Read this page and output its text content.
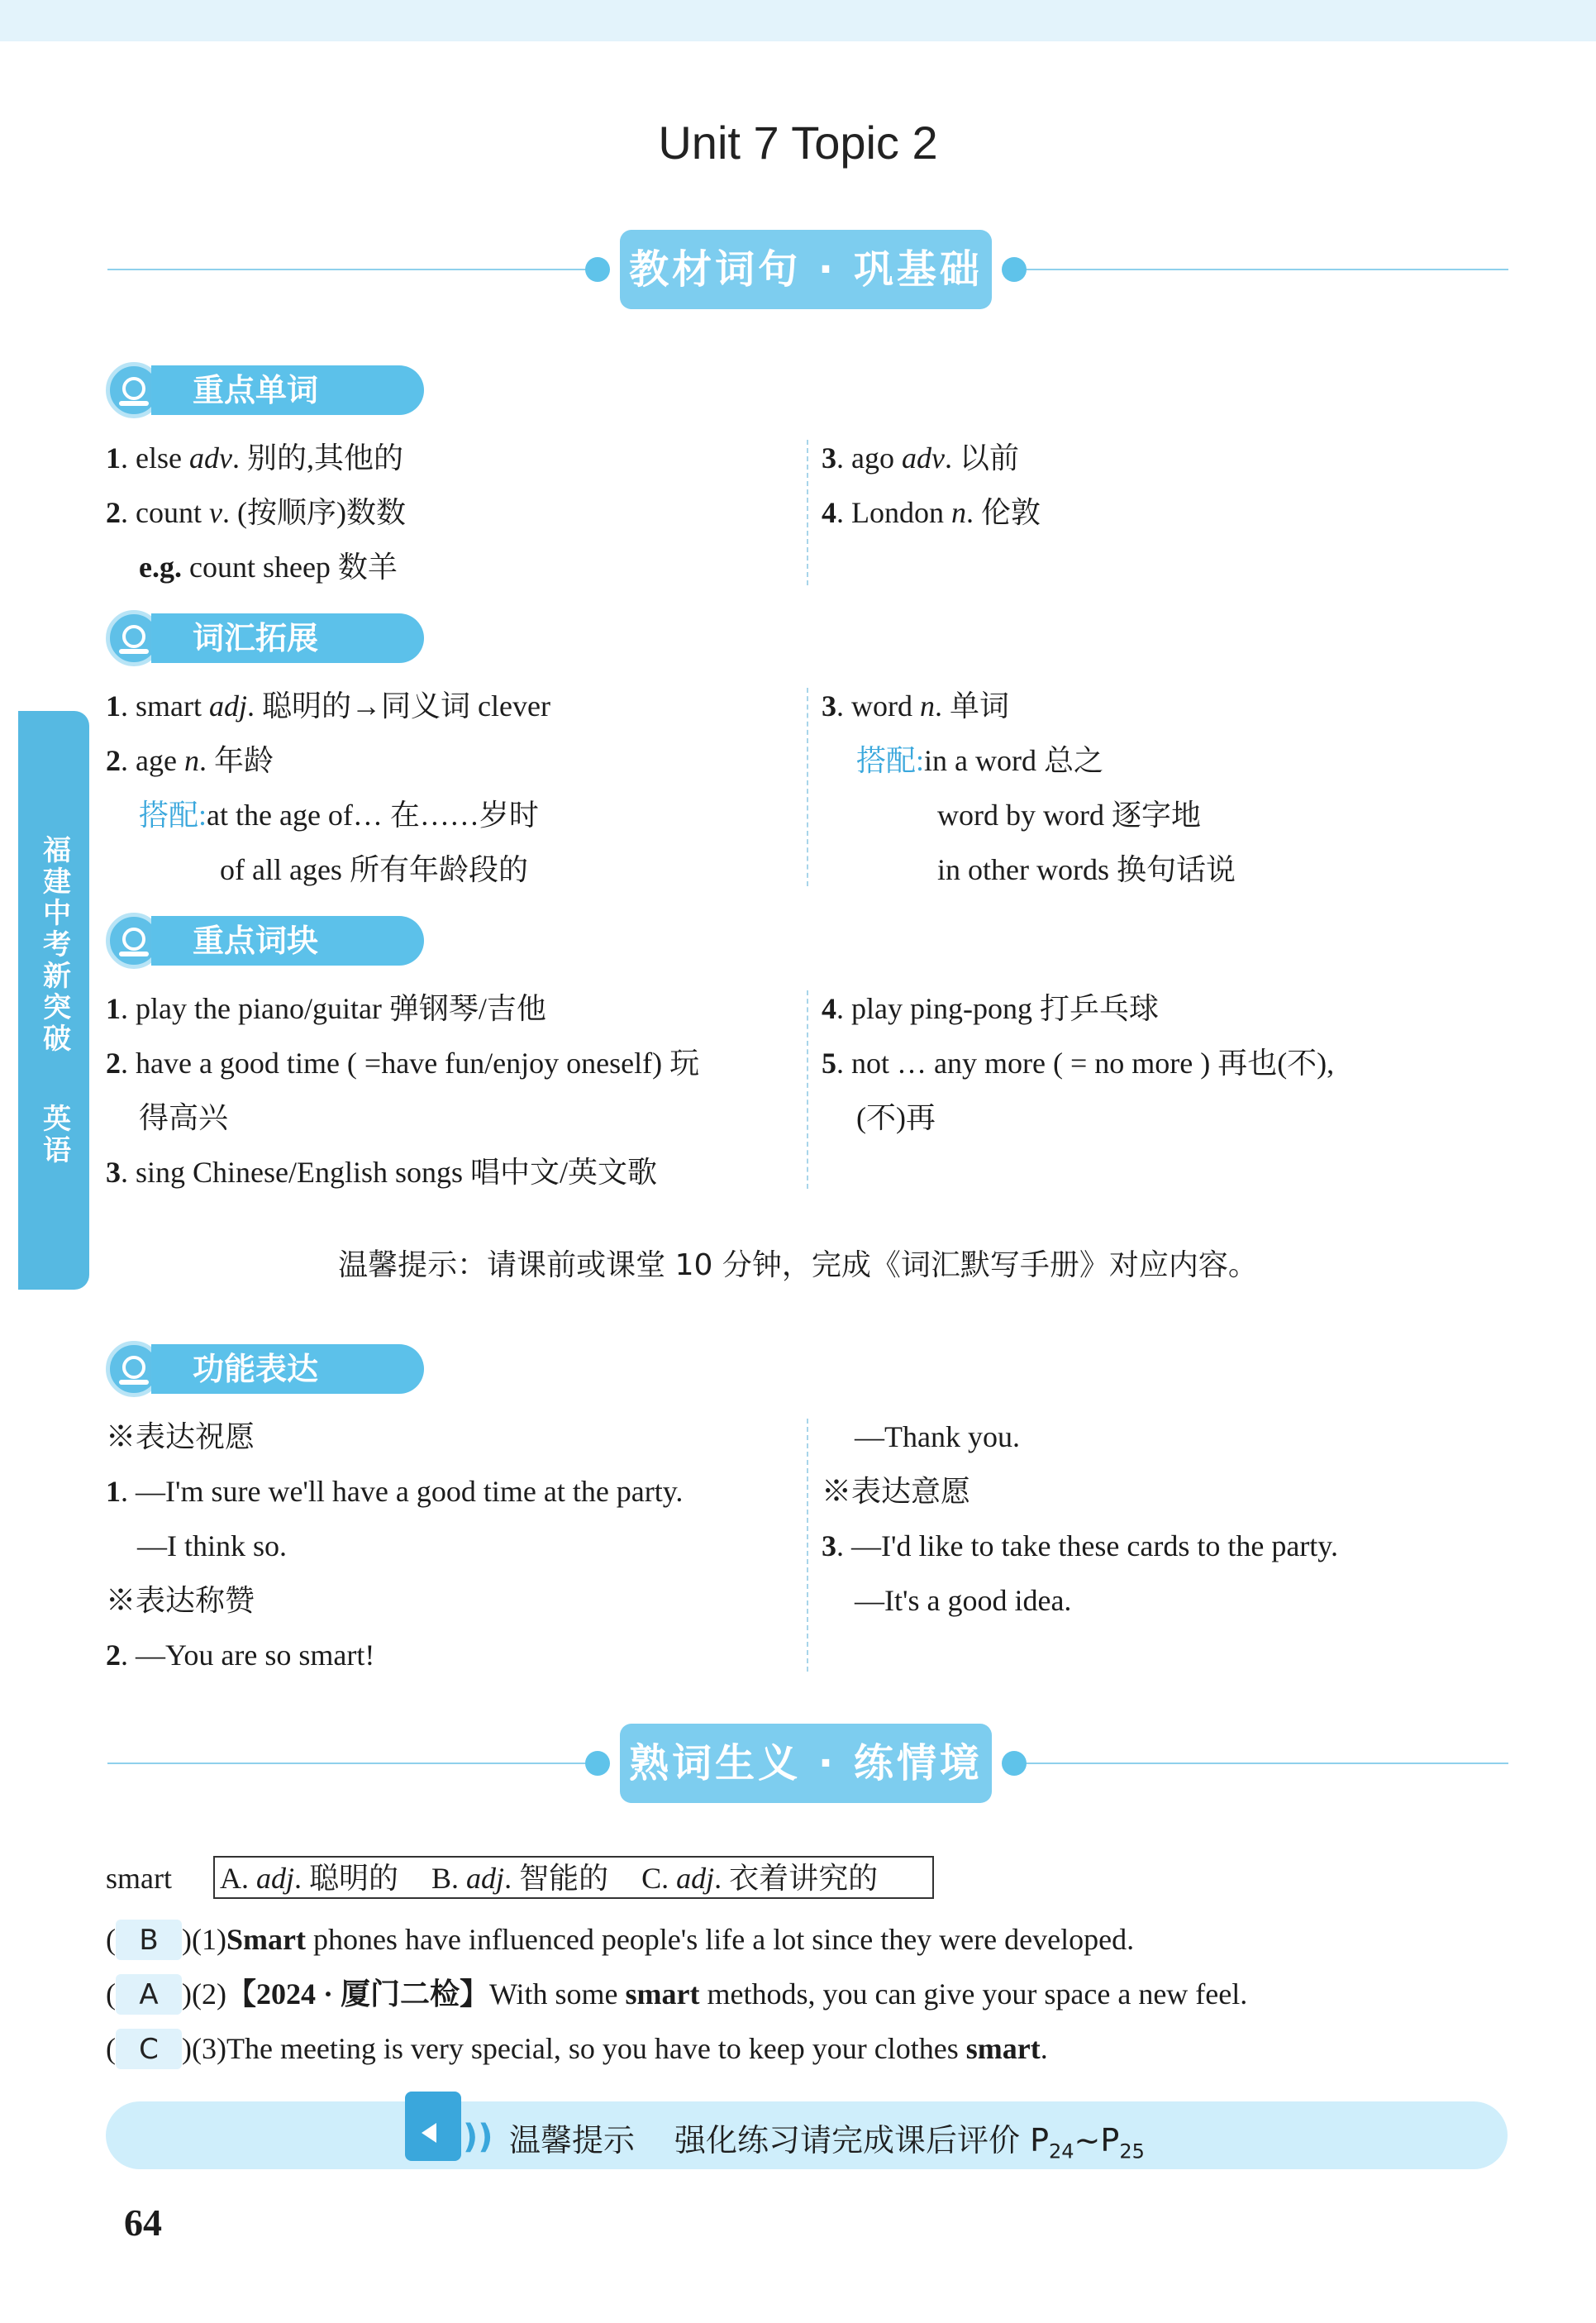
福建中考新突破
英语
Unit 7 Topic 2
教材词句 · 巩基础
重点单词
1. else adv. 别的,其他的
2. count v. (按顺序)数数
e.g. count sheep 数羊
3. ago adv. 以前
4. London n. 伦敦
词汇拓展
1. smart adj. 聪明的→同义词 clever
2. age n. 年龄
搭配:at the age of… 在……岁时
of all ages 所有年龄段的
3. word n. 单词
搭配:in a word 总之
word by word 逐字地
in other words 换句话说
重点词块
1. play the piano/guitar 弹钢琴/吉他
2. have a good time ( =have fun/enjoy oneself) 玩
得高兴
3. sing Chinese/English songs 唱中文/英文歌
4. play ping-pong 打乒乓球
5. not … any more ( = no more ) 再也(不),
(不)再
温馨提示：请课前或课堂 10 分钟，完成《词汇默写手册》对应内容。
功能表达
※表达祝愿
1. —I'm sure we'll have a good time at the party.
—I think so.
※表达称赞
2. —You are so smart!
—Thank you.
※表达意愿
3. —I'd like to take these cards to the party.
—It's a good idea.
熟词生义 · 练情境
smart A. adj. 聪明的 B. adj. 智能的 C. adj. 衣着讲究的
( B )(1)Smart phones have influenced people's life a lot since they were developed.
( A )(2)【2024 · 厦门二检】With some smart methods, you can give your space a new feel.
( C )(3)The meeting is very special, so you have to keep your clothes smart.
)) 温馨提示 强化练习请完成课后评价 $P_{24}\sim P_{25}$
64
